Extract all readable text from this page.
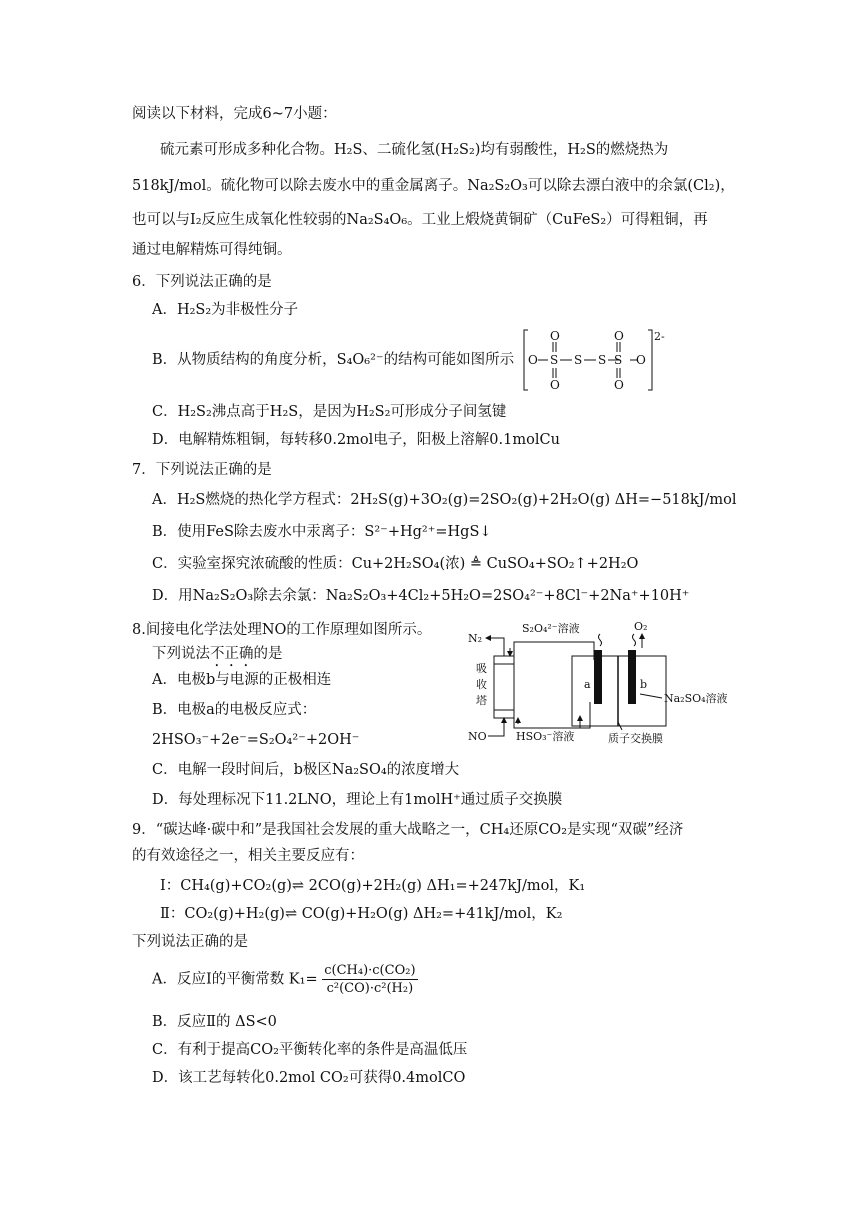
阅读以下材料，完成6~7小题：
硫元素可形成多种化合物。H₂S、二硫化氢(H₂S₂)均有弱酸性，H₂S的燃烧热为
518kJ/mol。硫化物可以除去废水中的重金属离子。Na₂S₂O₃可以除去漂白液中的余氯(Cl₂)，
也可以与I₂反应生成氧化性较弱的Na₂S₄O₆。工业上煅烧黄铜矿（CuFeS₂）可得粗铜，再
通过电解精炼可得纯铜。
6．下列说法正确的是
A．H₂S₂为非极性分子
B．从物质结构的角度分析，S₄O₆²⁻的结构可能如图所示 O S S S S O
O
O
O
O
2-
C．H₂S₂沸点高于H₂S，是因为H₂S₂可形成分子间氢键
D．电解精炼粗铜，每转移0.2mol电子，阳极上溶解0.1molCu
7．下列说法正确的是
A．H₂S燃烧的热化学方程式：2H₂S(g)+3O₂(g)=2SO₂(g)+2H₂O(g) ΔH=−518kJ/mol
B．使用FeS除去废水中汞离子：S²⁻+Hg²⁺=HgS↓
C．实验室探究浓硫酸的性质：Cu+2H₂SO₄(浓) ≜ CuSO₄+SO₂↑+2H₂O
D．用Na₂S₂O₃除去余氯：Na₂S₂O₃+4Cl₂+5H₂O=2SO₄²⁻+8Cl⁻+2Na⁺+10H⁺
8.间接电化学法处理NO的工作原理如图所示。
下列说法不正确的是
A．电极b与电源的正极相连
B．电极a的电极反应式：
2HSO₃⁻+2e⁻=S₂O₄²⁻+2OH⁻
C．电解一段时间后，b极区Na₂SO₄的浓度增大
D．每处理标况下11.2LNO，理论上有1molH⁺通过质子交换膜
N₂
S₂O₄²⁻溶液	O₂
吸
收
塔
a	b
Na₂SO₄溶液
NO	HSO₃⁻溶液	质子交换膜
9．“碳达峰·碳中和”是我国社会发展的重大战略之一，CH₄还原CO₂是实现“双碳”经济
的有效途径之一，相关主要反应有：
Ⅰ：CH₄(g)+CO₂(g)⇌ 2CO(g)+2H₂(g) ΔH₁=+247kJ/mol，K₁
Ⅱ：CO₂(g)+H₂(g)⇌ CO(g)+H₂O(g) ΔH₂=+41kJ/mol，K₂
下列说法正确的是
A．反应Ⅰ的平衡常数 $K_1= \frac{\text{c(CH₄)·c(CO₂)}}{\text{c²(CO)·c²(H₂)}}$
B．反应Ⅱ的 ΔS<0
C．有利于提高CO₂平衡转化率的条件是高温低压
D．该工艺每转化0.2mol CO₂可获得0.4molCO
